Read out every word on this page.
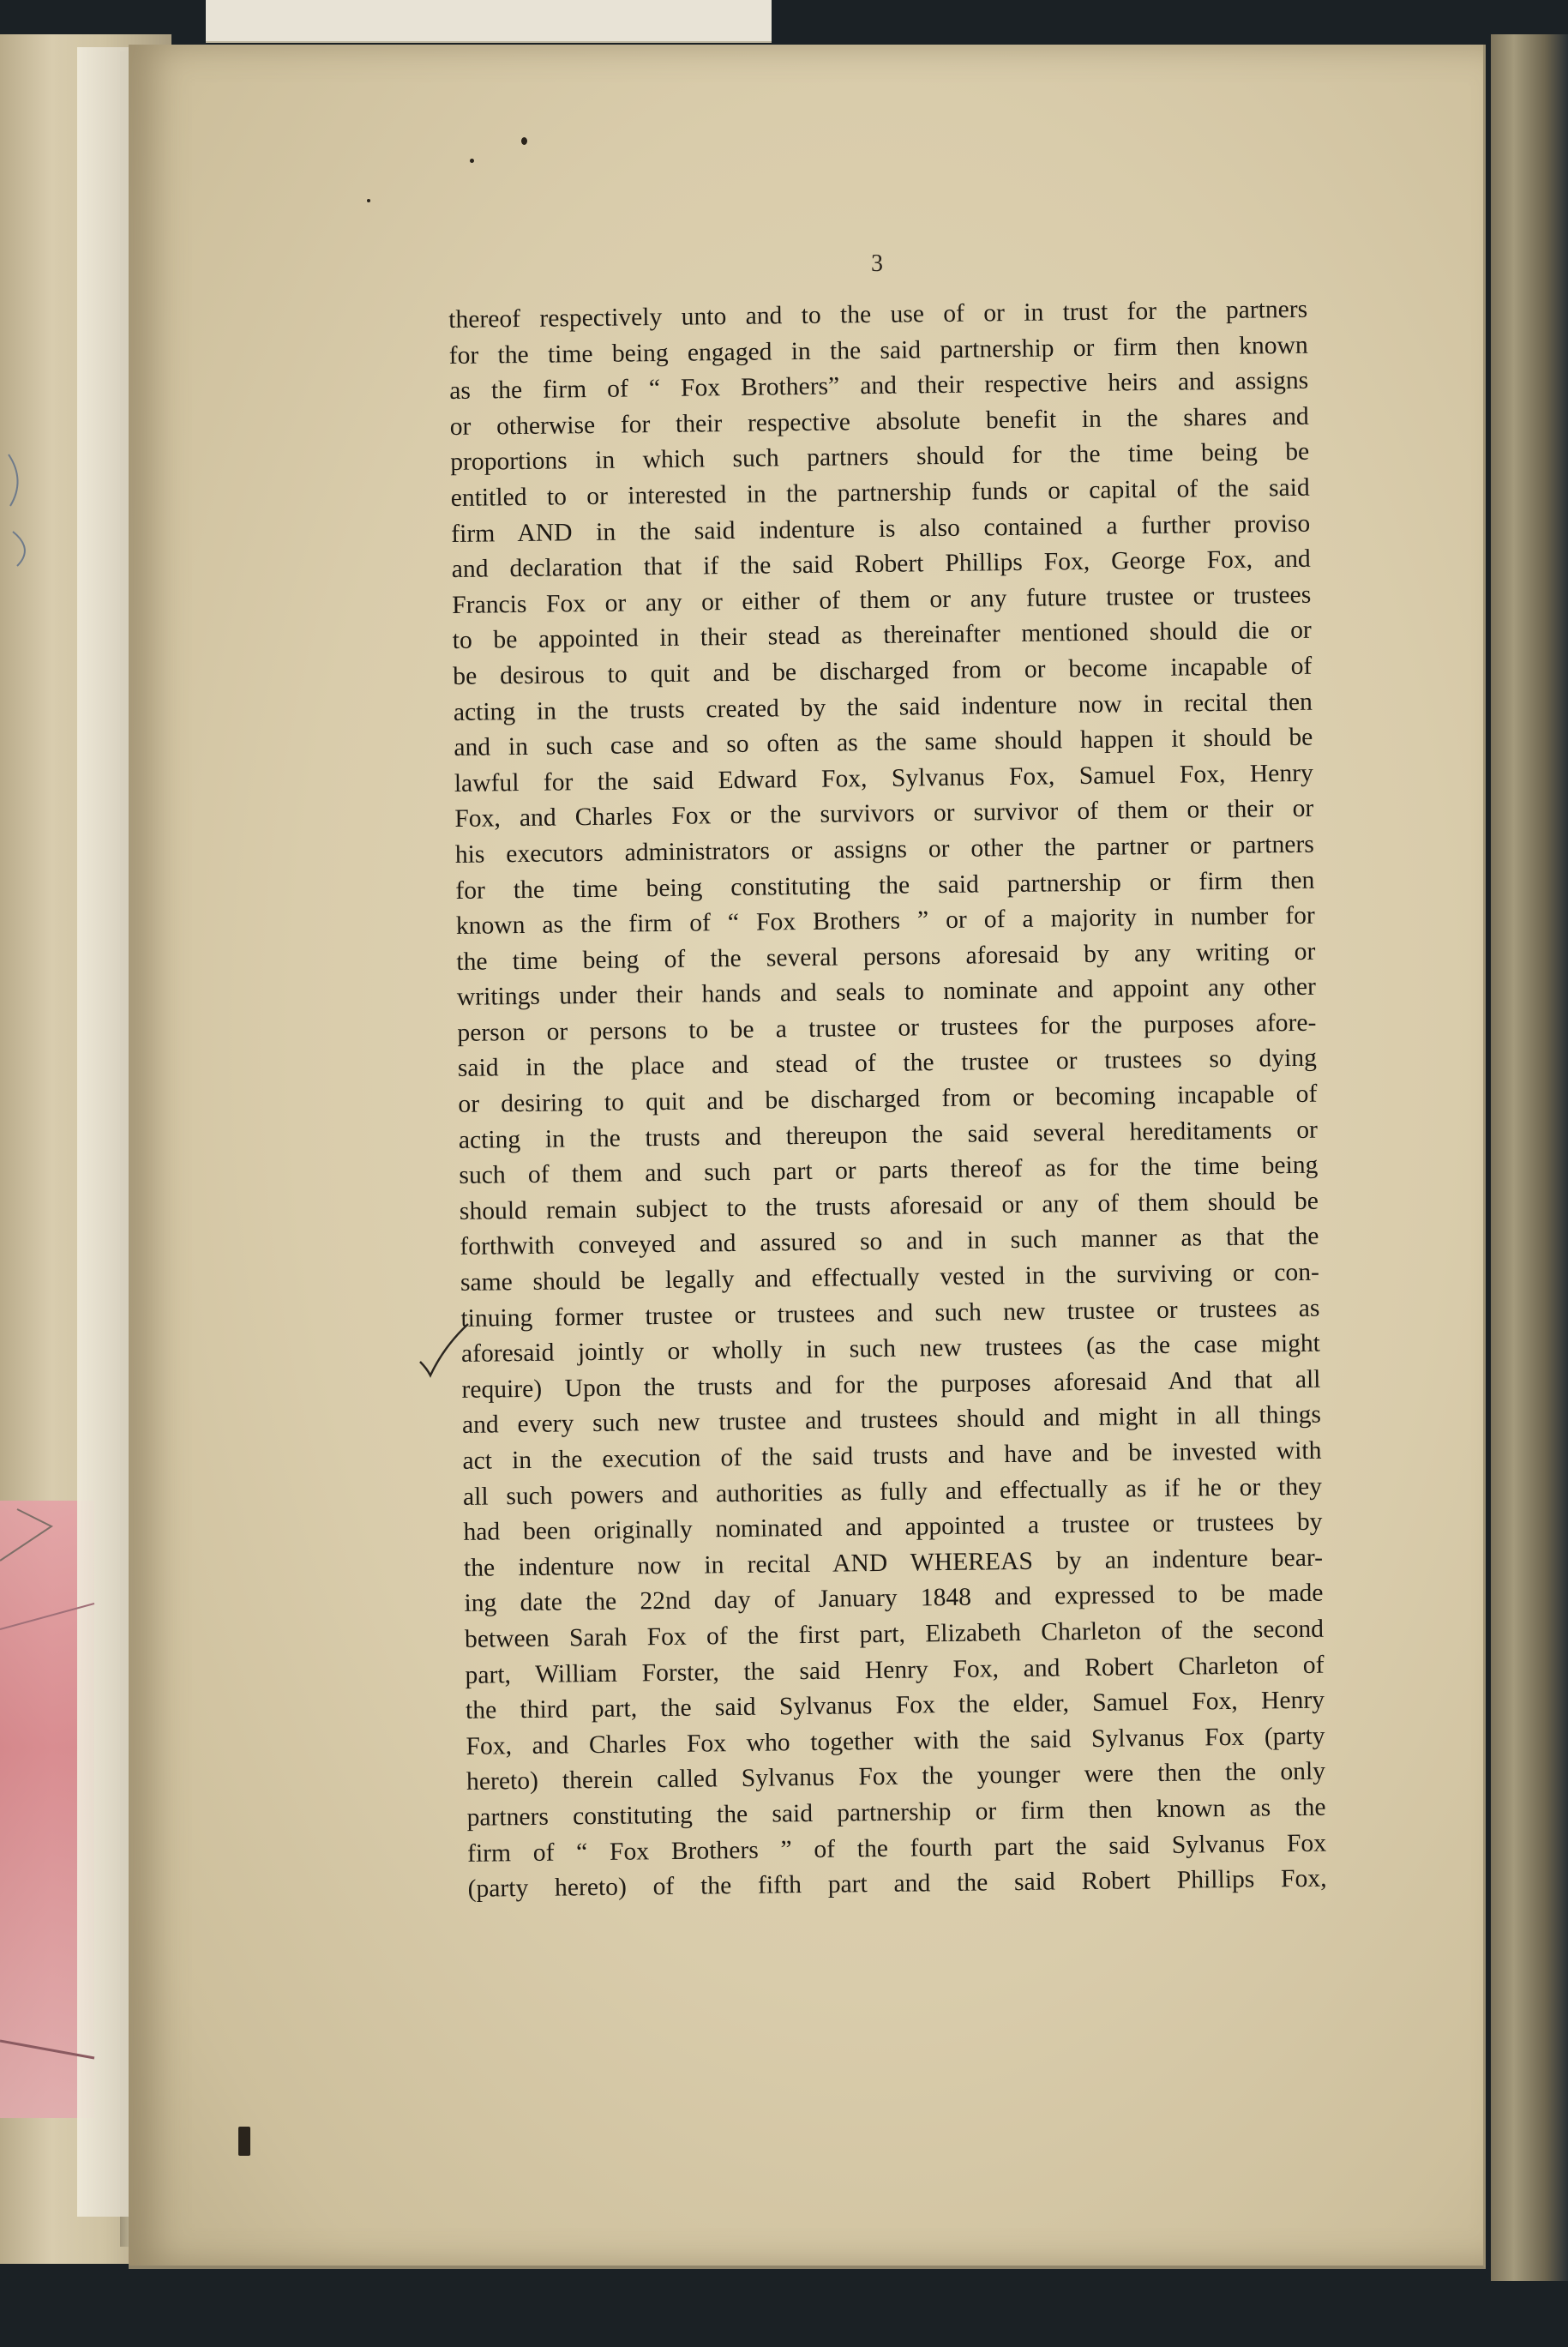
3
thereof respectively unto and to the use of or in trust for the partners
for the time being engaged in the said partnership or firm then known
as the firm of “ Fox Brothers” and their respective heirs and assigns
or otherwise for their respective absolute benefit in the shares and
proportions in which such partners should for the time being be
entitled to or interested in the partnership funds or capital of the said
firm AND in the said indenture is also contained a further proviso
and declaration that if the said Robert Phillips Fox, George Fox, and
Francis Fox or any or either of them or any future trustee or trustees
to be appointed in their stead as thereinafter mentioned should die or
be desirous to quit and be discharged from or become incapable of
acting in the trusts created by the said indenture now in recital then
and in such case and so often as the same should happen it should be
lawful for the said Edward Fox, Sylvanus Fox, Samuel Fox, Henry
Fox, and Charles Fox or the survivors or survivor of them or their or
his executors administrators or assigns or other the partner or partners
for the time being constituting the said partnership or firm then
known as the firm of “ Fox Brothers ” or of a majority in number for
the time being of the several persons aforesaid by any writing or
writings under their hands and seals to nominate and appoint any other
person or persons to be a trustee or trustees for the purposes afore-
said in the place and stead of the trustee or trustees so dying
or desiring to quit and be discharged from or becoming incapable of
acting in the trusts and thereupon the said several hereditaments or
such of them and such part or parts thereof as for the time being
should remain subject to the trusts aforesaid or any of them should be
forthwith conveyed and assured so and in such manner as that the
same should be legally and effectually vested in the surviving or con-
tinuing former trustee or trustees and such new trustee or trustees as
aforesaid jointly or wholly in such new trustees (as the case might
require) Upon the trusts and for the purposes aforesaid And that all
and every such new trustee and trustees should and might in all things
act in the execution of the said trusts and have and be invested with
all such powers and authorities as fully and effectually as if he or they
had been originally nominated and appointed a trustee or trustees by
the indenture now in recital AND WHEREAS by an indenture bear-
ing date the 22nd day of January 1848 and expressed to be made
between Sarah Fox of the first part, Elizabeth Charleton of the second
part, William Forster, the said Henry Fox, and Robert Charleton of
the third part, the said Sylvanus Fox the elder, Samuel Fox, Henry
Fox, and Charles Fox who together with the said Sylvanus Fox (party
hereto) therein called Sylvanus Fox the younger were then the only
partners constituting the said partnership or firm then known as the
firm of “ Fox Brothers ” of the fourth part the said Sylvanus Fox
(party hereto) of the fifth part and the said Robert Phillips Fox,
